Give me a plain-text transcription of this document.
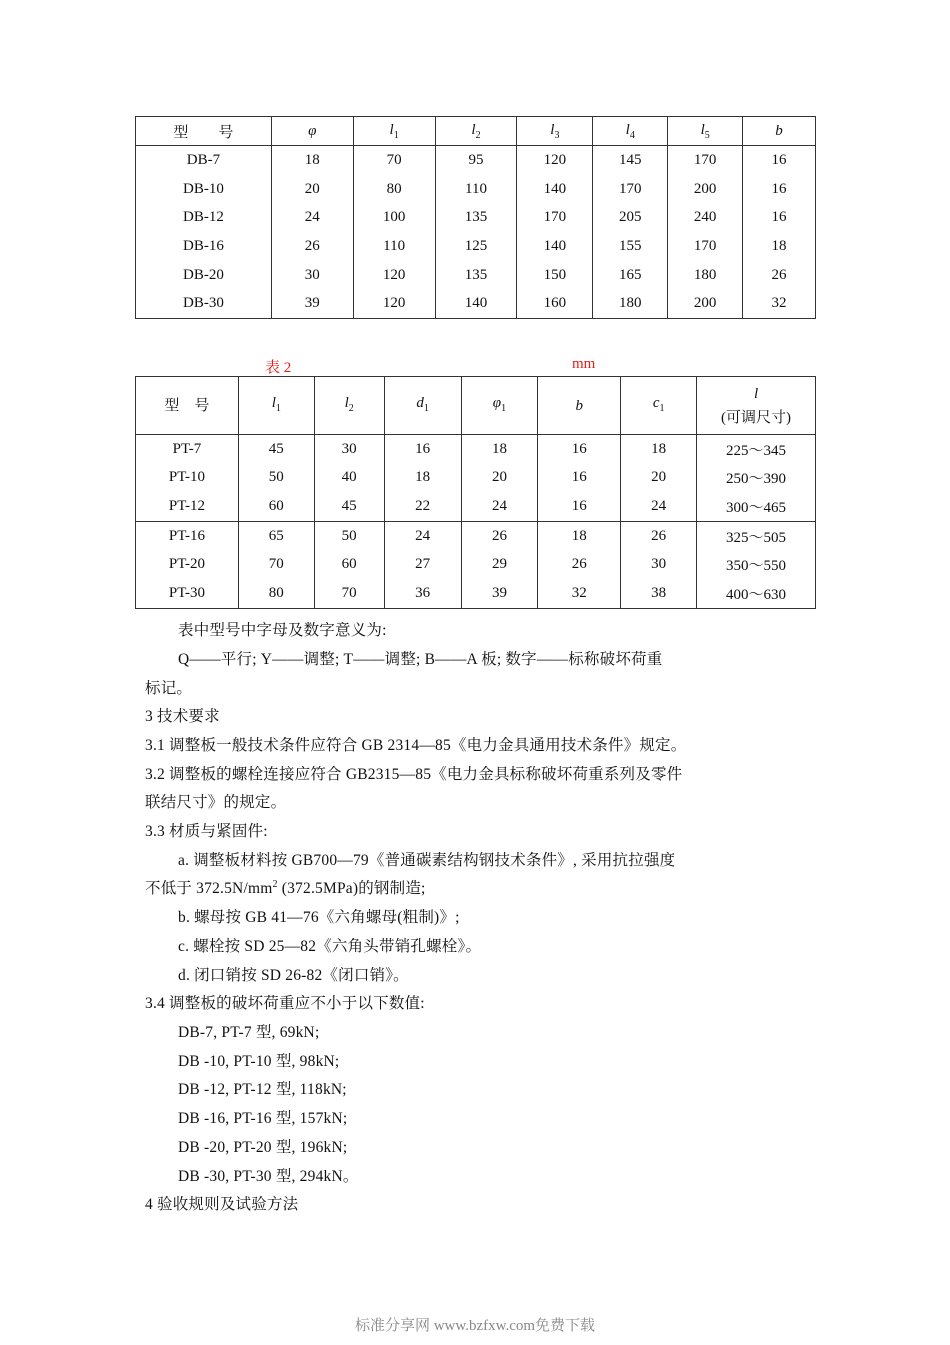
型　　号	φ	$l_1$	$l_2$	$l_3$	$l_4$	$l_5$	b
DB-7	18	70	95	120	145	170	16
DB-10	20	80	110	140	170	200	16
DB-12	24	100	135	170	205	240	16
DB-16	26	110	125	140	155	170	18
DB-20	30	120	135	150	165	180	26
DB-30	39	120	140	160	180	200	32
表 2	mm
型　号	$l_1$	$l_2$	$d_1$	$\varphi_1$	b	$c_1$	l
(可调尺寸)

PT-7	45	30	16	18	16	18	225～345
PT-10	50	40	18	20	16	20	250～390
PT-12	60	45	22	24	16	24	300～465
PT-16	65	50	24	26	18	26	325～505
PT-20	70	60	27	29	26	30	350～550
PT-30	80	70	36	39	32	38	400～630
表中型号中字母及数字意义为:
Q——平行; Y——调整; T——调整; B——A 板; 数字——标称破坏荷重
标记。
3 技术要求
3.1 调整板一般技术条件应符合 GB 2314—85《电力金具通用技术条件》规定。
3.2 调整板的螺栓连接应符合 GB2315—85《电力金具标称破坏荷重系列及零件
联结尺寸》的规定。
3.3 材质与紧固件:
a. 调整板材料按 GB700—79《普通碳素结构钢技术条件》, 采用抗拉强度
不低于 $372.5N/mm^2$ (372.5MPa)的钢制造;
b. 螺母按 GB 41—76《六角螺母(粗制)》;
c. 螺栓按 SD 25—82《六角头带销孔螺栓》。
d. 闭口销按 SD 26-82《闭口销》。
3.4 调整板的破坏荷重应不小于以下数值:
DB-7, PT-7 型, 69kN;
DB -10, PT-10 型, 98kN;
DB -12, PT-12 型, 118kN;
DB -16, PT-16 型, 157kN;
DB -20, PT-20 型, 196kN;
DB -30, PT-30 型, 294kN。
4 验收规则及试验方法
标准分享网 www.bzfxw.com免费下载
